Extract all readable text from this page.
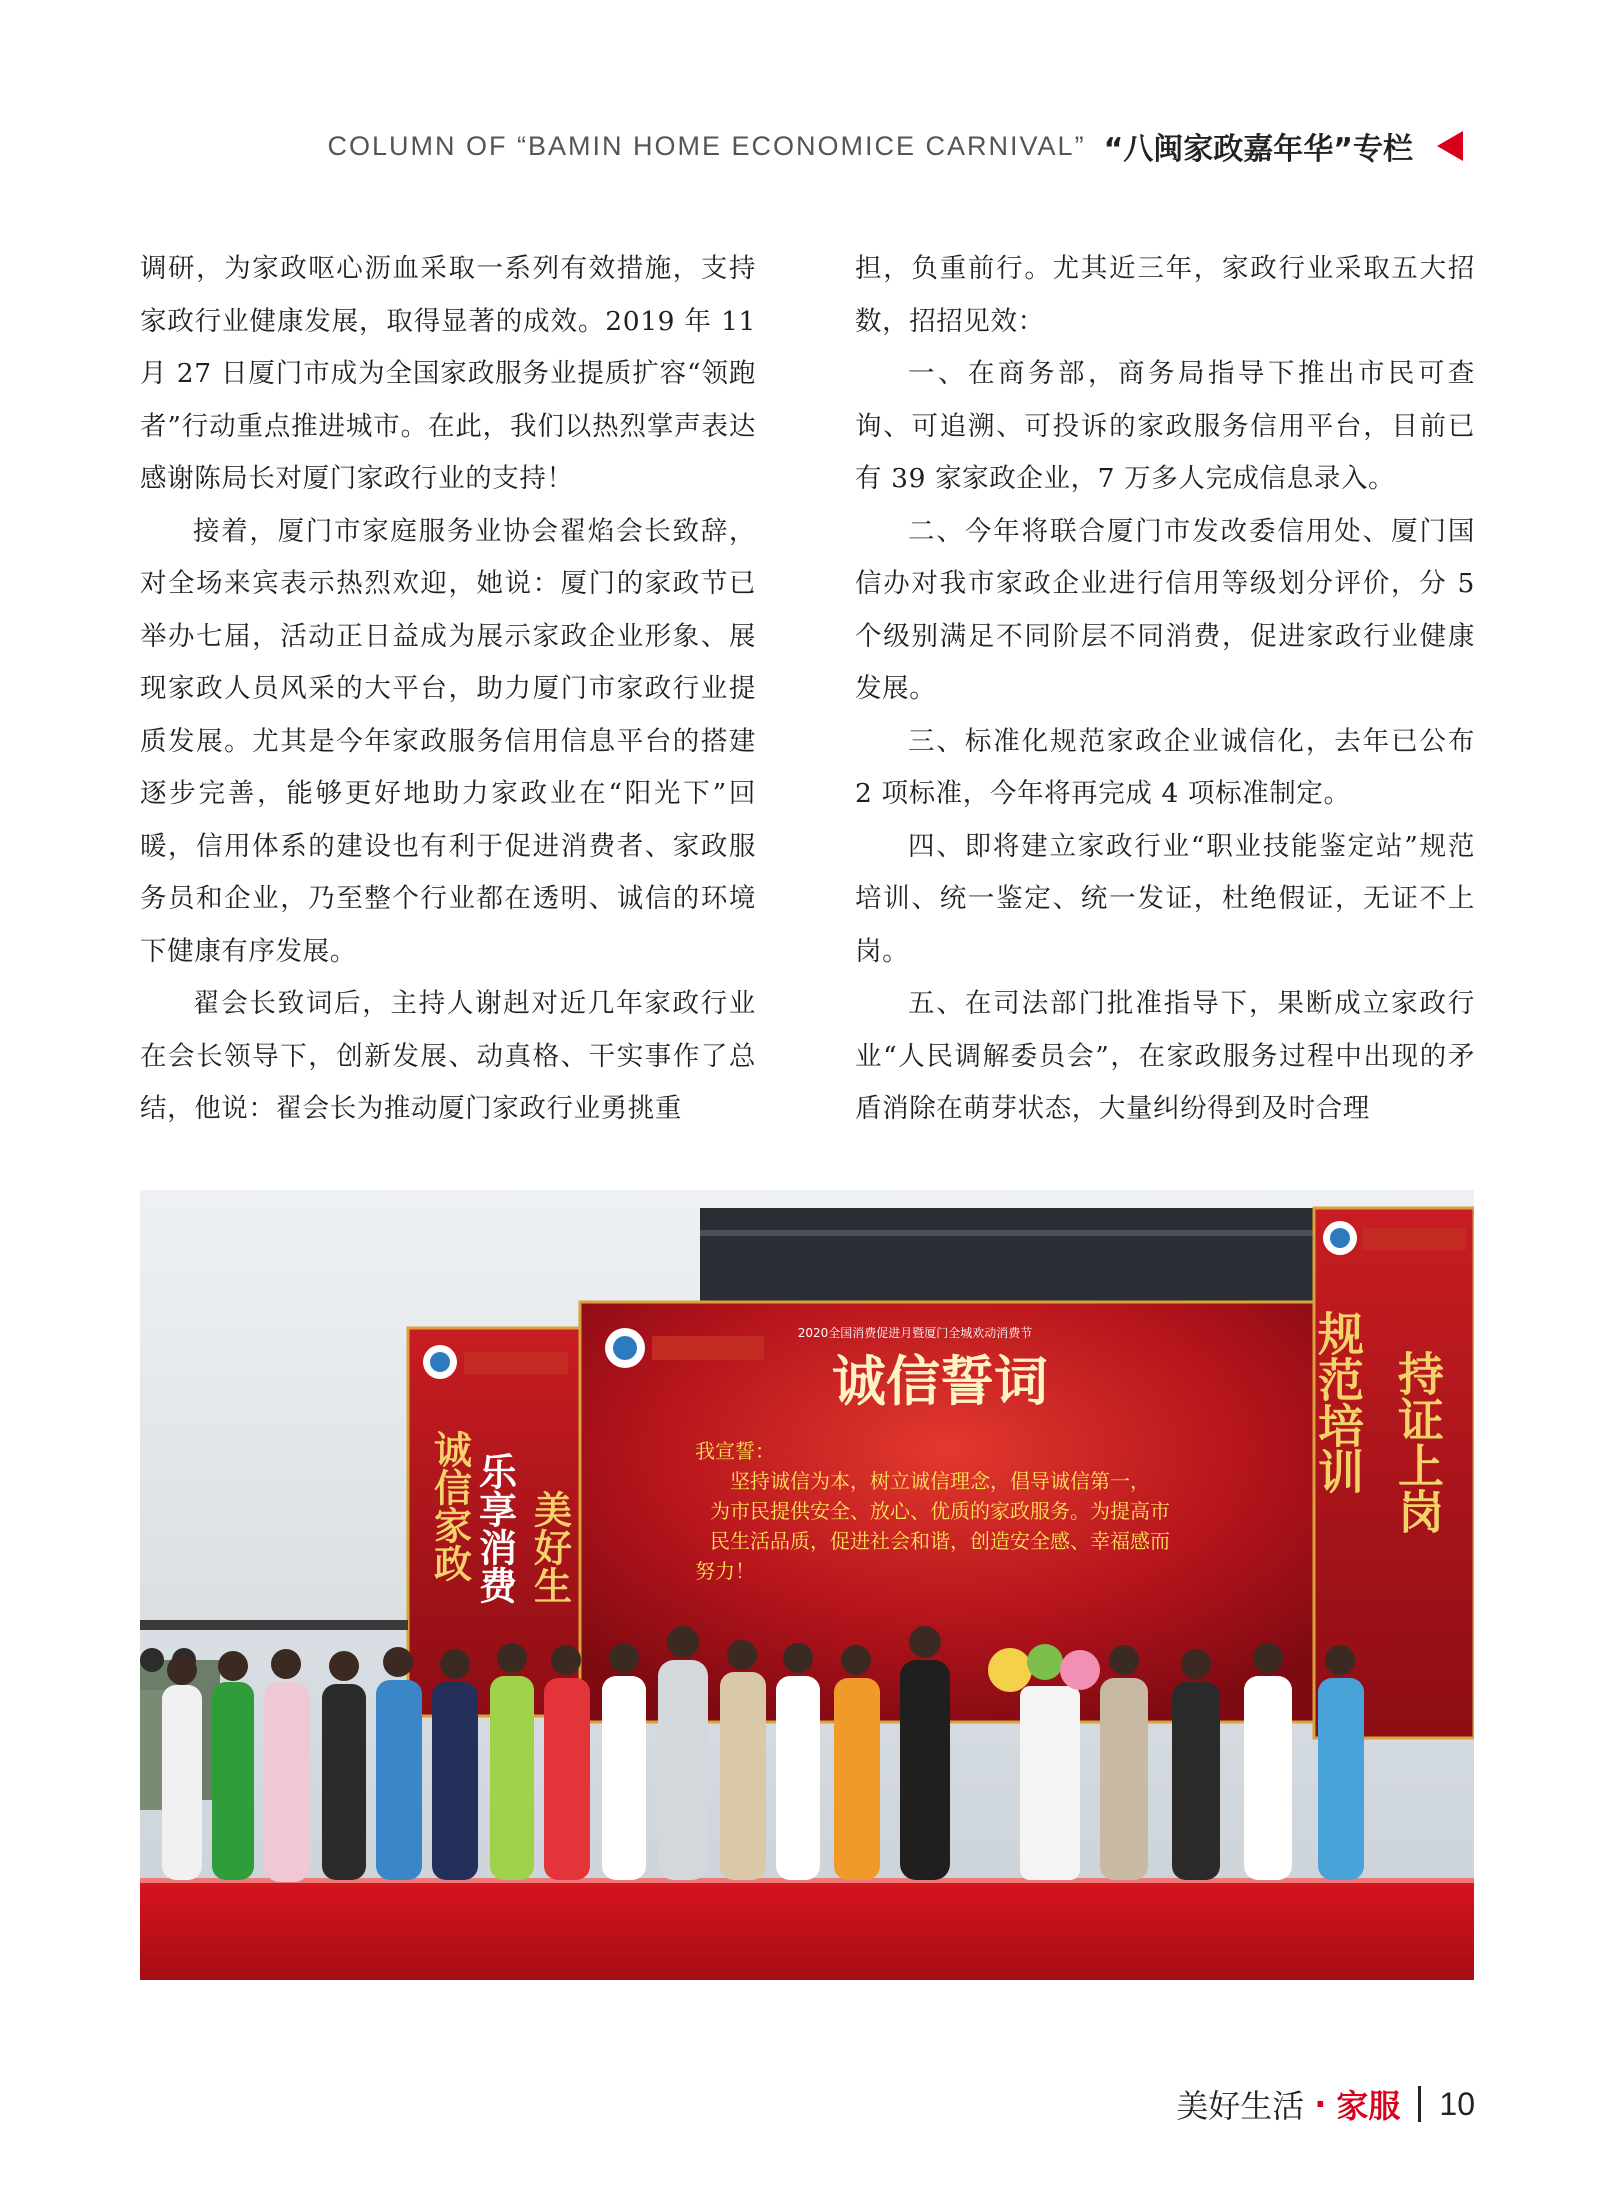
COLUMN OF “BAMIN HOME ECONOMICE CARNIVAL” “八闽家政嘉年华”专栏

调研，为家政呕心沥血采取一系列有效措施，支持家政行业健康发展，取得显著的成效。2019 年 11 月 27 日厦门市成为全国家政服务业提质扩容“领跑者”行动重点推进城市。在此，我们以热烈掌声表达感谢陈局长对厦门家政行业的支持！

接着，厦门市家庭服务业协会翟焰会长致辞，对全场来宾表示热烈欢迎，她说：厦门的家政节已举办七届，活动正日益成为展示家政企业形象、展现家政人员风采的大平台，助力厦门市家政行业提质发展。尤其是今年家政服务信用信息平台的搭建逐步完善，能够更好地助力家政业在“阳光下”回暖，信用体系的建设也有利于促进消费者、家政服务员和企业，乃至整个行业都在透明、诚信的环境下健康有序发展。

翟会长致词后，主持人谢赳对近几年家政行业在会长领导下，创新发展、动真格、干实事作了总结，他说：翟会长为推动厦门家政行业勇挑重

担，负重前行。尤其近三年，家政行业采取五大招数，招招见效：

一、在商务部，商务局指导下推出市民可查询、可追溯、可投诉的家政服务信用平台，目前已有 39 家家政企业，7 万多人完成信息录入。

二、今年将联合厦门市发改委信用处、厦门国信办对我市家政企业进行信用等级划分评价，分 5 个级别满足不同阶层不同消费，促进家政行业健康发展。

三、标准化规范家政企业诚信化，去年已公布 2 项标准，今年将再完成 4 项标准制定。

四、即将建立家政行业“职业技能鉴定站”规范培训、统一鉴定、统一发证，杜绝假证，无证不上岗。

五、在司法部门批准指导下，果断成立家政行业“人民调解委员会”，在家政服务过程中出现的矛盾消除在萌芽状态，大量纠纷得到及时合理

诚信家政 乐享消费 美好生
2020全国消费促进月暨厦门全城欢动消费节
诚信誓词
我宣誓：
坚持诚信为本，树立诚信理念，倡导诚信第一，
为市民提供安全、放心、优质的家政服务。为提高市
民生活品质，促进社会和谐，创造安全感、幸福感而
努力！
规范培训 持证上岗
美好生活 · 家服 10
